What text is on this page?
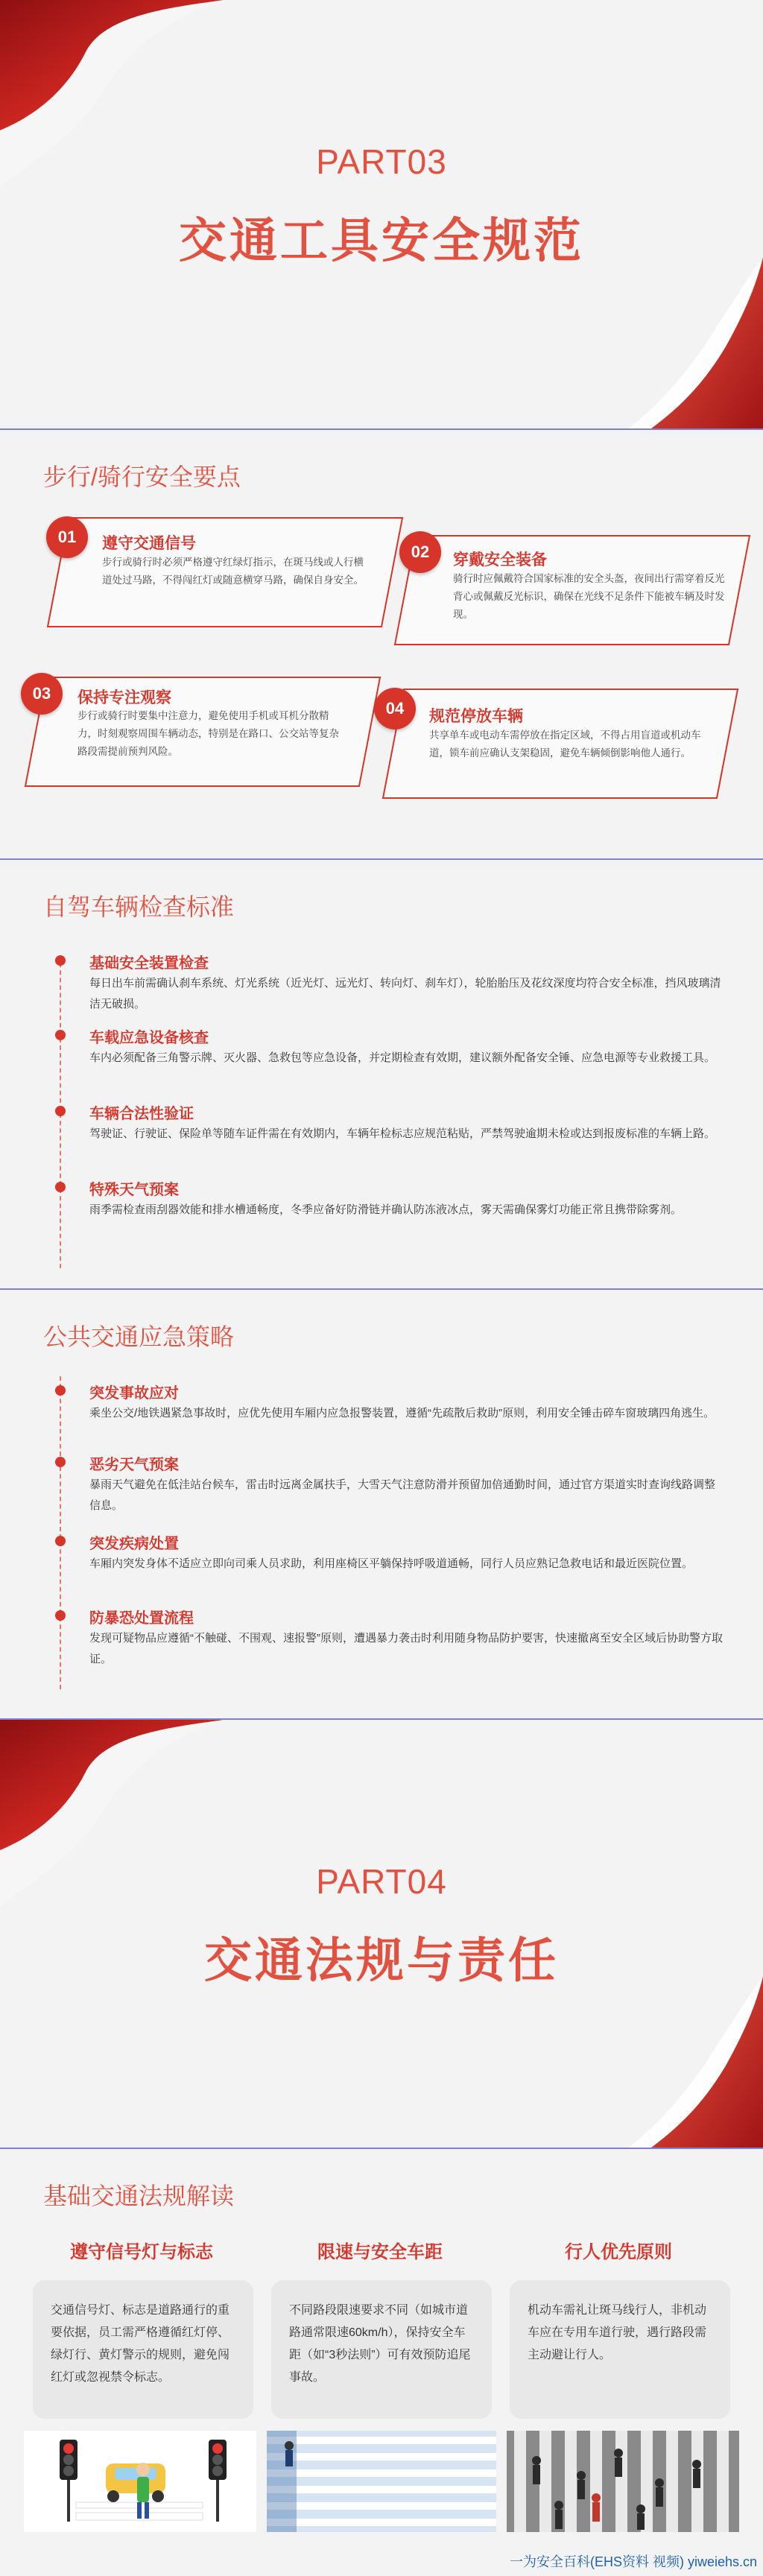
PART03
交通工具安全规范
步行/骑行安全要点
01	遵守交通信号
步行或骑行时必须严格遵守红绿灯指示，在斑马线或人行横道处过马路，不得闯红灯或随意横穿马路，确保自身安全。
02	穿戴安全装备
骑行时应佩戴符合国家标准的安全头盔，夜间出行需穿着反光背心或佩戴反光标识，确保在光线不足条件下能被车辆及时发现。
03	保持专注观察
步行或骑行时要集中注意力，避免使用手机或耳机分散精力，时刻观察周围车辆动态，特别是在路口、公交站等复杂路段需提前预判风险。
04	规范停放车辆
共享单车或电动车需停放在指定区域，不得占用盲道或机动车道，锁车前应确认支架稳固，避免车辆倾倒影响他人通行。
自驾车辆检查标准
基础安全装置检查
每日出车前需确认刹车系统、灯光系统（近光灯、远光灯、转向灯、刹车灯），轮胎胎压及花纹深度均符合安全标准，挡风玻璃清洁无破损。
车载应急设备核查
车内必须配备三角警示牌、灭火器、急救包等应急设备，并定期检查有效期，建议额外配备安全锤、应急电源等专业救援工具。
车辆合法性验证
驾驶证、行驶证、保险单等随车证件需在有效期内，车辆年检标志应规范粘贴，严禁驾驶逾期未检或达到报废标准的车辆上路。
特殊天气预案
雨季需检查雨刮器效能和排水槽通畅度，冬季应备好防滑链并确认防冻液冰点，雾天需确保雾灯功能正常且携带除雾剂。
公共交通应急策略
突发事故应对
乘坐公交/地铁遇紧急事故时，应优先使用车厢内应急报警装置，遵循“先疏散后救助”原则，利用安全锤击碎车窗玻璃四角逃生。
恶劣天气预案
暴雨天气避免在低洼站台候车，雷击时远离金属扶手，大雪天气注意防滑并预留加倍通勤时间，通过官方渠道实时查询线路调整信息。
突发疾病处置
车厢内突发身体不适应立即向司乘人员求助，利用座椅区平躺保持呼吸道通畅，同行人员应熟记急救电话和最近医院位置。
防暴恐处置流程
发现可疑物品应遵循“不触碰、不围观、速报警”原则，遭遇暴力袭击时利用随身物品防护要害，快速撤离至安全区域后协助警方取证。
PART04
交通法规与责任
基础交通法规解读
遵守信号灯与标志	限速与安全车距	行人优先原则
交通信号灯、标志是道路通行的重要依据，员工需严格遵循红灯停、绿灯行、黄灯警示的规则，避免闯红灯或忽视禁令标志。
不同路段限速要求不同（如城市道路通常限速60km/h），保持安全车距（如“3秒法则”）可有效预防追尾事故。
机动车需礼让斑马线行人，非机动车应在专用车道行驶，遇行路段需主动避让行人。
一为安全百科(EHS资料 视频) yiweiehs.cn
